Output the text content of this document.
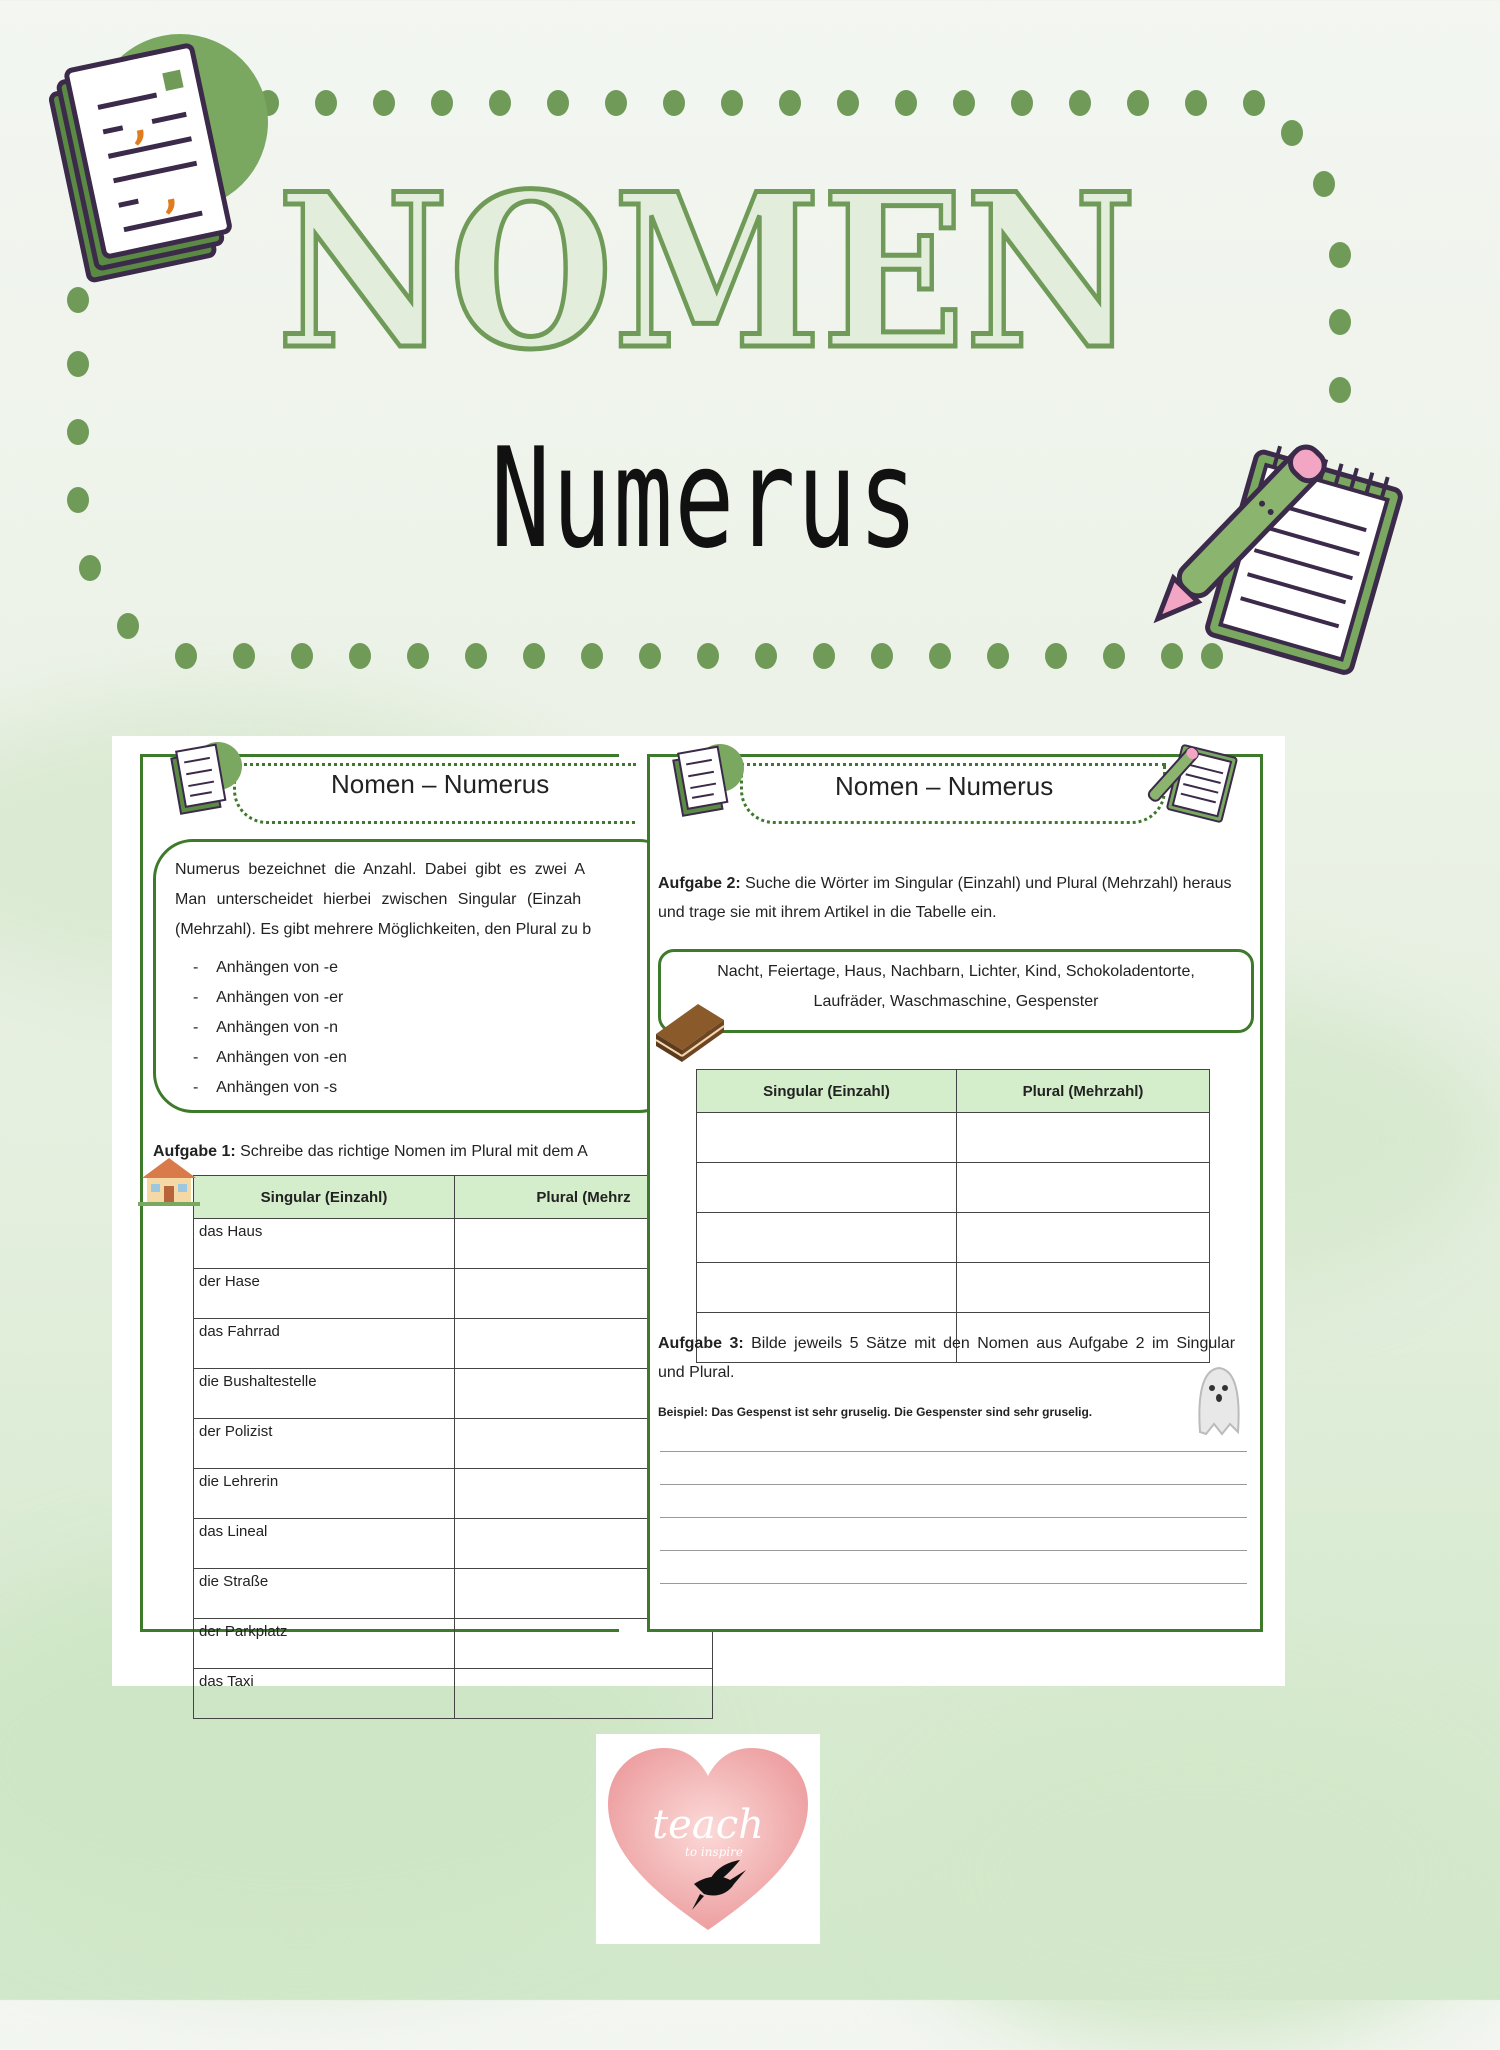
,
, NOMEN
Numerus
Nomen – Numerus
Numerus bezeichnet die Anzahl. Dabei gibt es zwei A
Man unterscheidet hierbei zwischen Singular (Einzah
(Mehrzahl). Es gibt mehrere Möglichkeiten, den Plural zu b
-    Anhängen von -e
-    Anhängen von -er
-    Anhängen von -n
-    Anhängen von -en
-    Anhängen von -s
Aufgabe 1: Schreibe das richtige Nomen im Plural mit dem A
Singular (Einzahl)	Plural (Mehrz
das Haus	
der Hase	
das Fahrrad	
die Bushaltestelle	
der Polizist	
die Lehrerin	
das Lineal	
die Straße	
der Parkplatz	
das Taxi	
Nomen – Numerus
Aufgabe 2: Suche die Wörter im Singular (Einzahl) und Plural (Mehrzahl) heraus
und trage sie mit ihrem Artikel in die Tabelle ein.
Nacht, Feiertage, Haus, Nachbarn, Lichter, Kind, Schokoladentorte,
Laufräder, Waschmaschine, Gespenster
Singular (Einzahl)	Plural (Mehrzahl)

Aufgabe 3: Bilde jeweils 5 Sätze mit den Nomen aus Aufgabe 2 im Singular
und Plural.
Beispiel: Das Gespenst ist sehr gruselig. Die Gespenster sind sehr gruselig.
teach
to inspire
